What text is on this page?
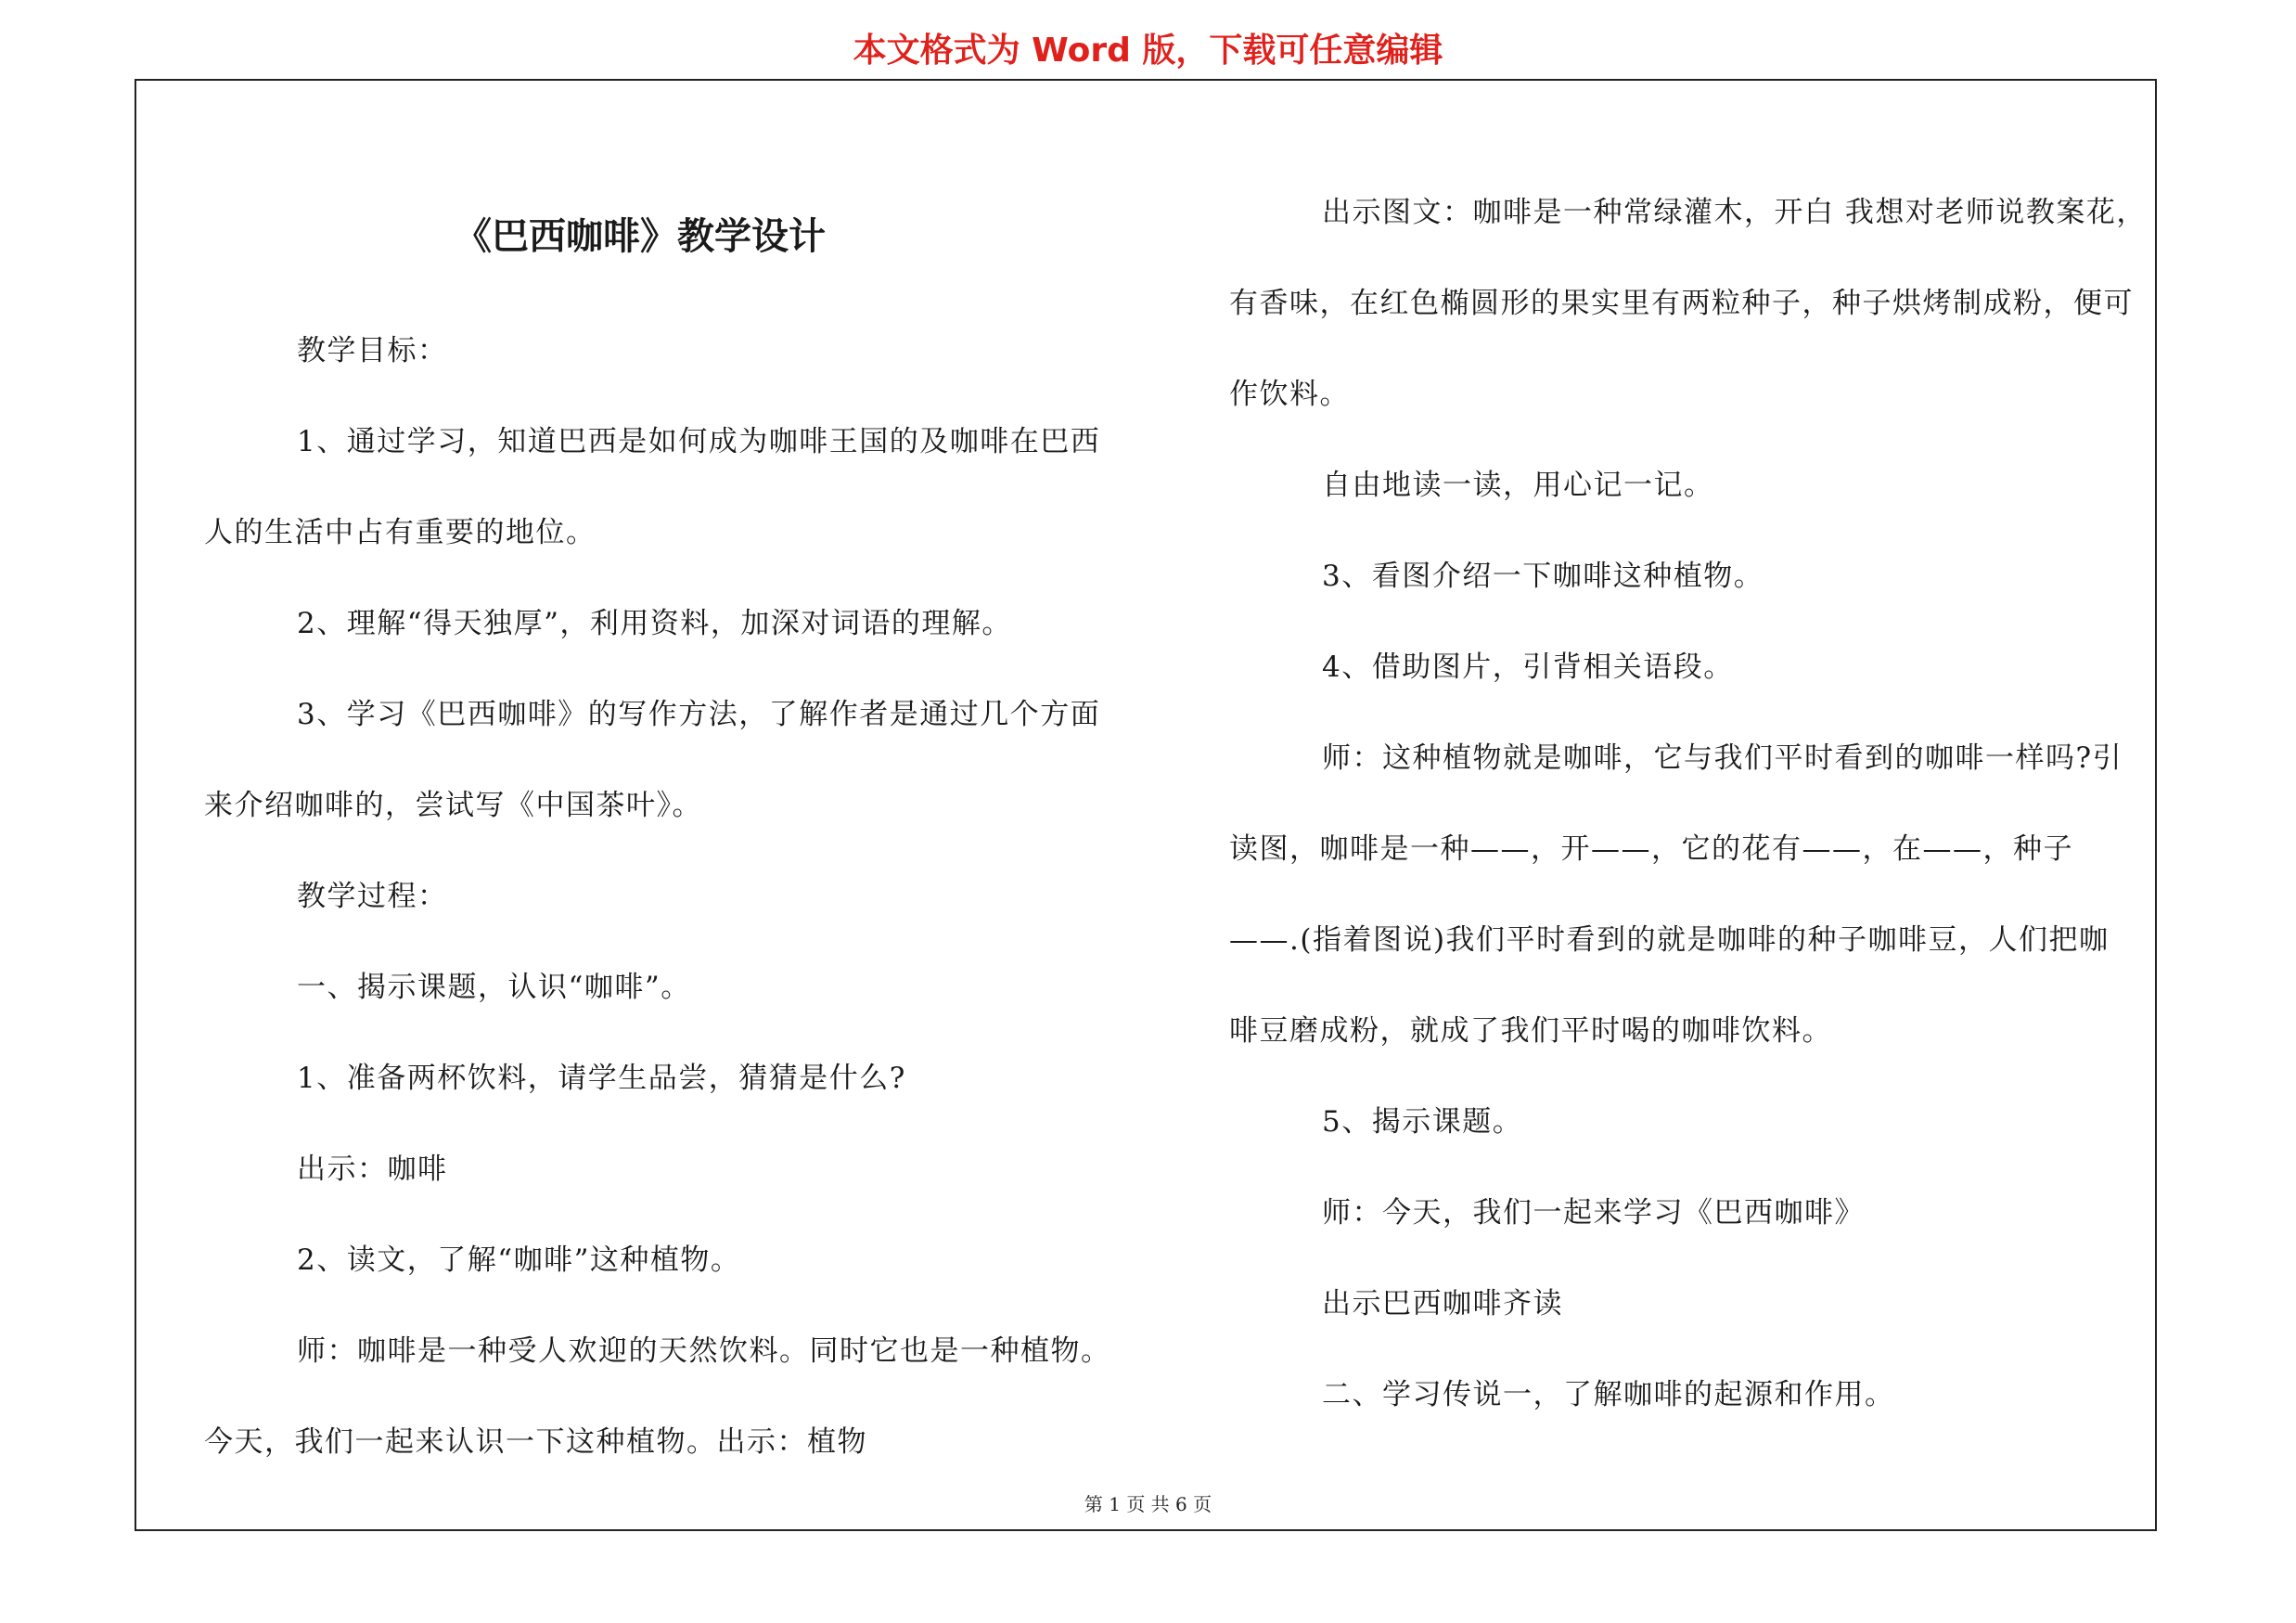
本文格式为 Word 版，下载可任意编辑
《巴西咖啡》教学设计

教学目标：

1、通过学习，知道巴西是如何成为咖啡王国的及咖啡在巴西

人的生活中占有重要的地位。

2、理解“得天独厚”，利用资料，加深对词语的理解。

3、学习《巴西咖啡》的写作方法，了解作者是通过几个方面

来介绍咖啡的，尝试写《中国茶叶》。

教学过程：

一、揭示课题，认识“咖啡”。

1、准备两杯饮料，请学生品尝，猜猜是什么?

出示：咖啡

2、读文，了解“咖啡”这种植物。

师：咖啡是一种受人欢迎的天然饮料。同时它也是一种植物。

今天，我们一起来认识一下这种植物。出示：植物

出示图文：咖啡是一种常绿灌木，开白 我想对老师说教案花，

有香味，在红色椭圆形的果实里有两粒种子，种子烘烤制成粉，便可

作饮料。

自由地读一读，用心记一记。

3、看图介绍一下咖啡这种植物。

4、借助图片，引背相关语段。

师：这种植物就是咖啡，它与我们平时看到的咖啡一样吗?引

读图，咖啡是一种——，开——，它的花有——，在——，种子

——.(指着图说)我们平时看到的就是咖啡的种子咖啡豆，人们把咖

啡豆磨成粉，就成了我们平时喝的咖啡饮料。

5、揭示课题。

师：今天，我们一起来学习《巴西咖啡》

出示巴西咖啡齐读

二、学习传说一，了解咖啡的起源和作用。

第 1 页 共 6 页
